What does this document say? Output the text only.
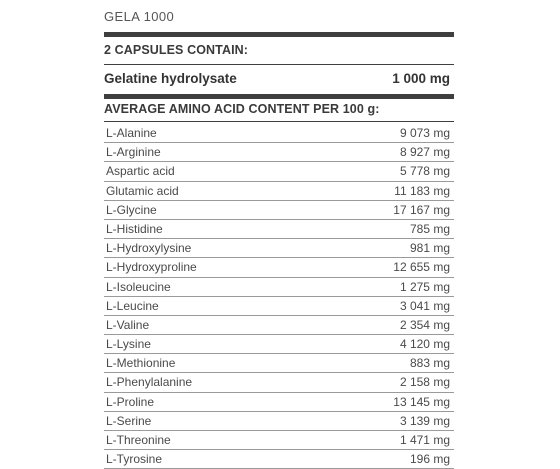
GELA 1000
2 CAPSULES CONTAIN:
Gelatine hydrolysate	1 000 mg
AVERAGE AMINO ACID CONTENT PER 100 g:
L-Alanine	9 073 mg
L-Arginine	8 927 mg
Aspartic acid	5 778 mg
Glutamic acid	11 183 mg
L-Glycine	17 167 mg
L-Histidine	785 mg
L-Hydroxylysine	981 mg
L-Hydroxyproline	12 655 mg
L-Isoleucine	1 275 mg
L-Leucine	3 041 mg
L-Valine	2 354 mg
L-Lysine	4 120 mg
L-Methionine	883 mg
L-Phenylalanine	2 158 mg
L-Proline	13 145 mg
L-Serine	3 139 mg
L-Threonine	1 471 mg
L-Tyrosine	196 mg
